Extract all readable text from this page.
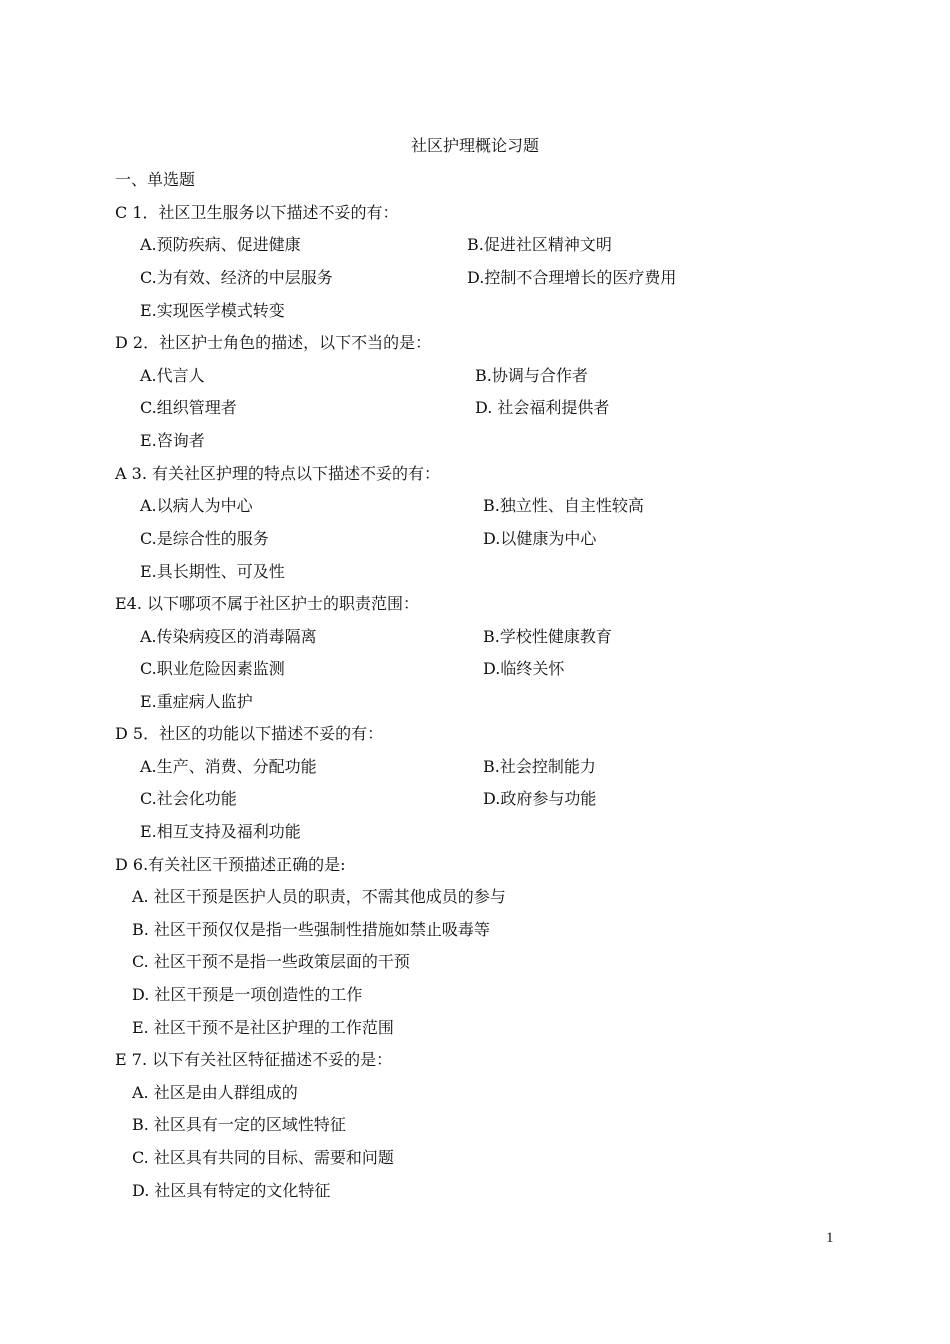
社区护理概论习题
一、单选题
C 1．社区卫生服务以下描述不妥的有：
A.预防疾病、促进健康	B.促进社区精神文明
C.为有效、经济的中层服务	D.控制不合理增长的医疗费用
E.实现医学模式转变
D 2．社区护士角色的描述，以下不当的是：
A.代言人	B.协调与合作者
C.组织管理者	D. 社会福利提供者
E.咨询者
A 3. 有关社区护理的特点以下描述不妥的有：
A.以病人为中心	B.独立性、自主性较高
C.是综合性的服务	D.以健康为中心
E.具长期性、可及性
E4. 以下哪项不属于社区护士的职责范围：
A.传染病疫区的消毒隔离	B.学校性健康教育
C.职业危险因素监测	D.临终关怀
E.重症病人监护
D 5．社区的功能以下描述不妥的有：
A.生产、消费、分配功能	B.社会控制能力
C.社会化功能	D.政府参与功能
E.相互支持及福利功能
D 6.有关社区干预描述正确的是:
A. 社区干预是医护人员的职责，不需其他成员的参与
B. 社区干预仅仅是指一些强制性措施如禁止吸毒等
C. 社区干预不是指一些政策层面的干预
D. 社区干预是一项创造性的工作
E. 社区干预不是社区护理的工作范围
E 7. 以下有关社区特征描述不妥的是：
A. 社区是由人群组成的
B. 社区具有一定的区域性特征
C. 社区具有共同的目标、需要和问题
D. 社区具有特定的文化特征
1
